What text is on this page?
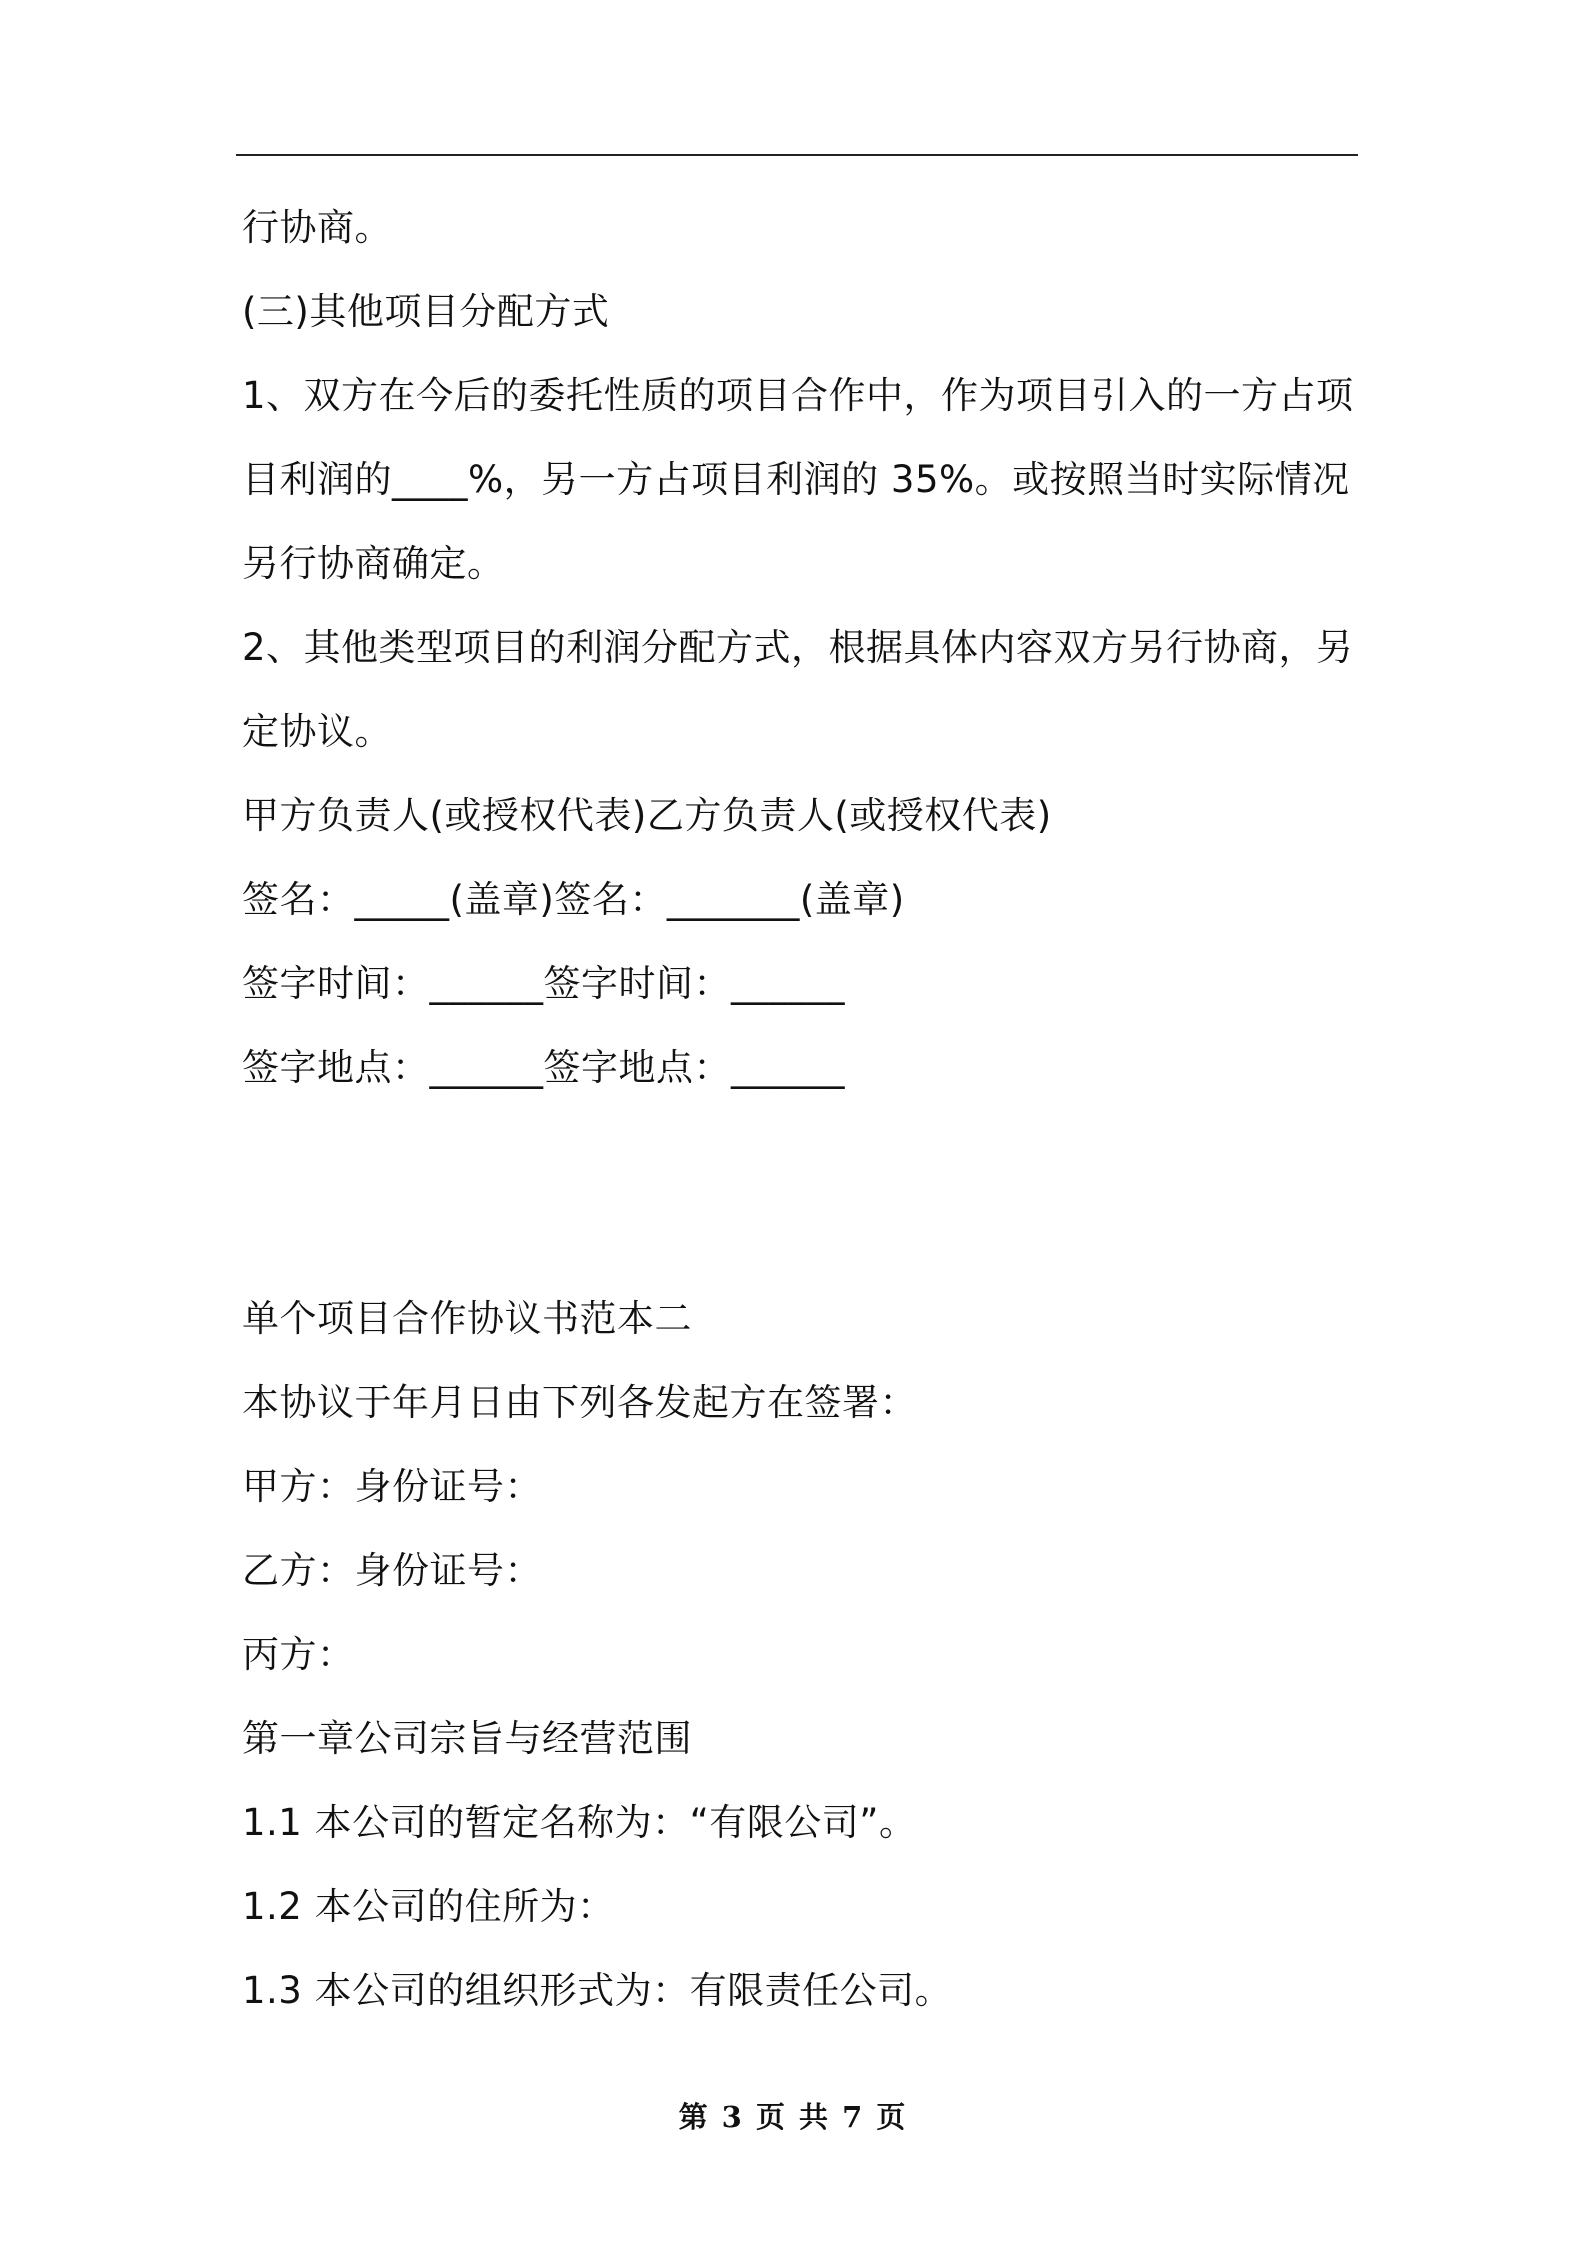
行协商。
(三)其他项目分配方式
1、双方在今后的委托性质的项目合作中，作为项目引入的一方占项
目利润的____%，另一方占项目利润的 35%。或按照当时实际情况
另行协商确定。
2、其他类型项目的利润分配方式，根据具体内容双方另行协商，另
定协议。
甲方负责人(或授权代表)乙方负责人(或授权代表)
签名：_____(盖章)签名：_______(盖章)
签字时间：______签字时间：______
签字地点：______签字地点：______
单个项目合作协议书范本二
本协议于年月日由下列各发起方在签署：
甲方：身份证号：
乙方：身份证号：
丙方：
第一章公司宗旨与经营范围
1.1 本公司的暂定名称为：“有限公司”。
1.2 本公司的住所为：
1.3 本公司的组织形式为：有限责任公司。
第 3 页 共 7 页
